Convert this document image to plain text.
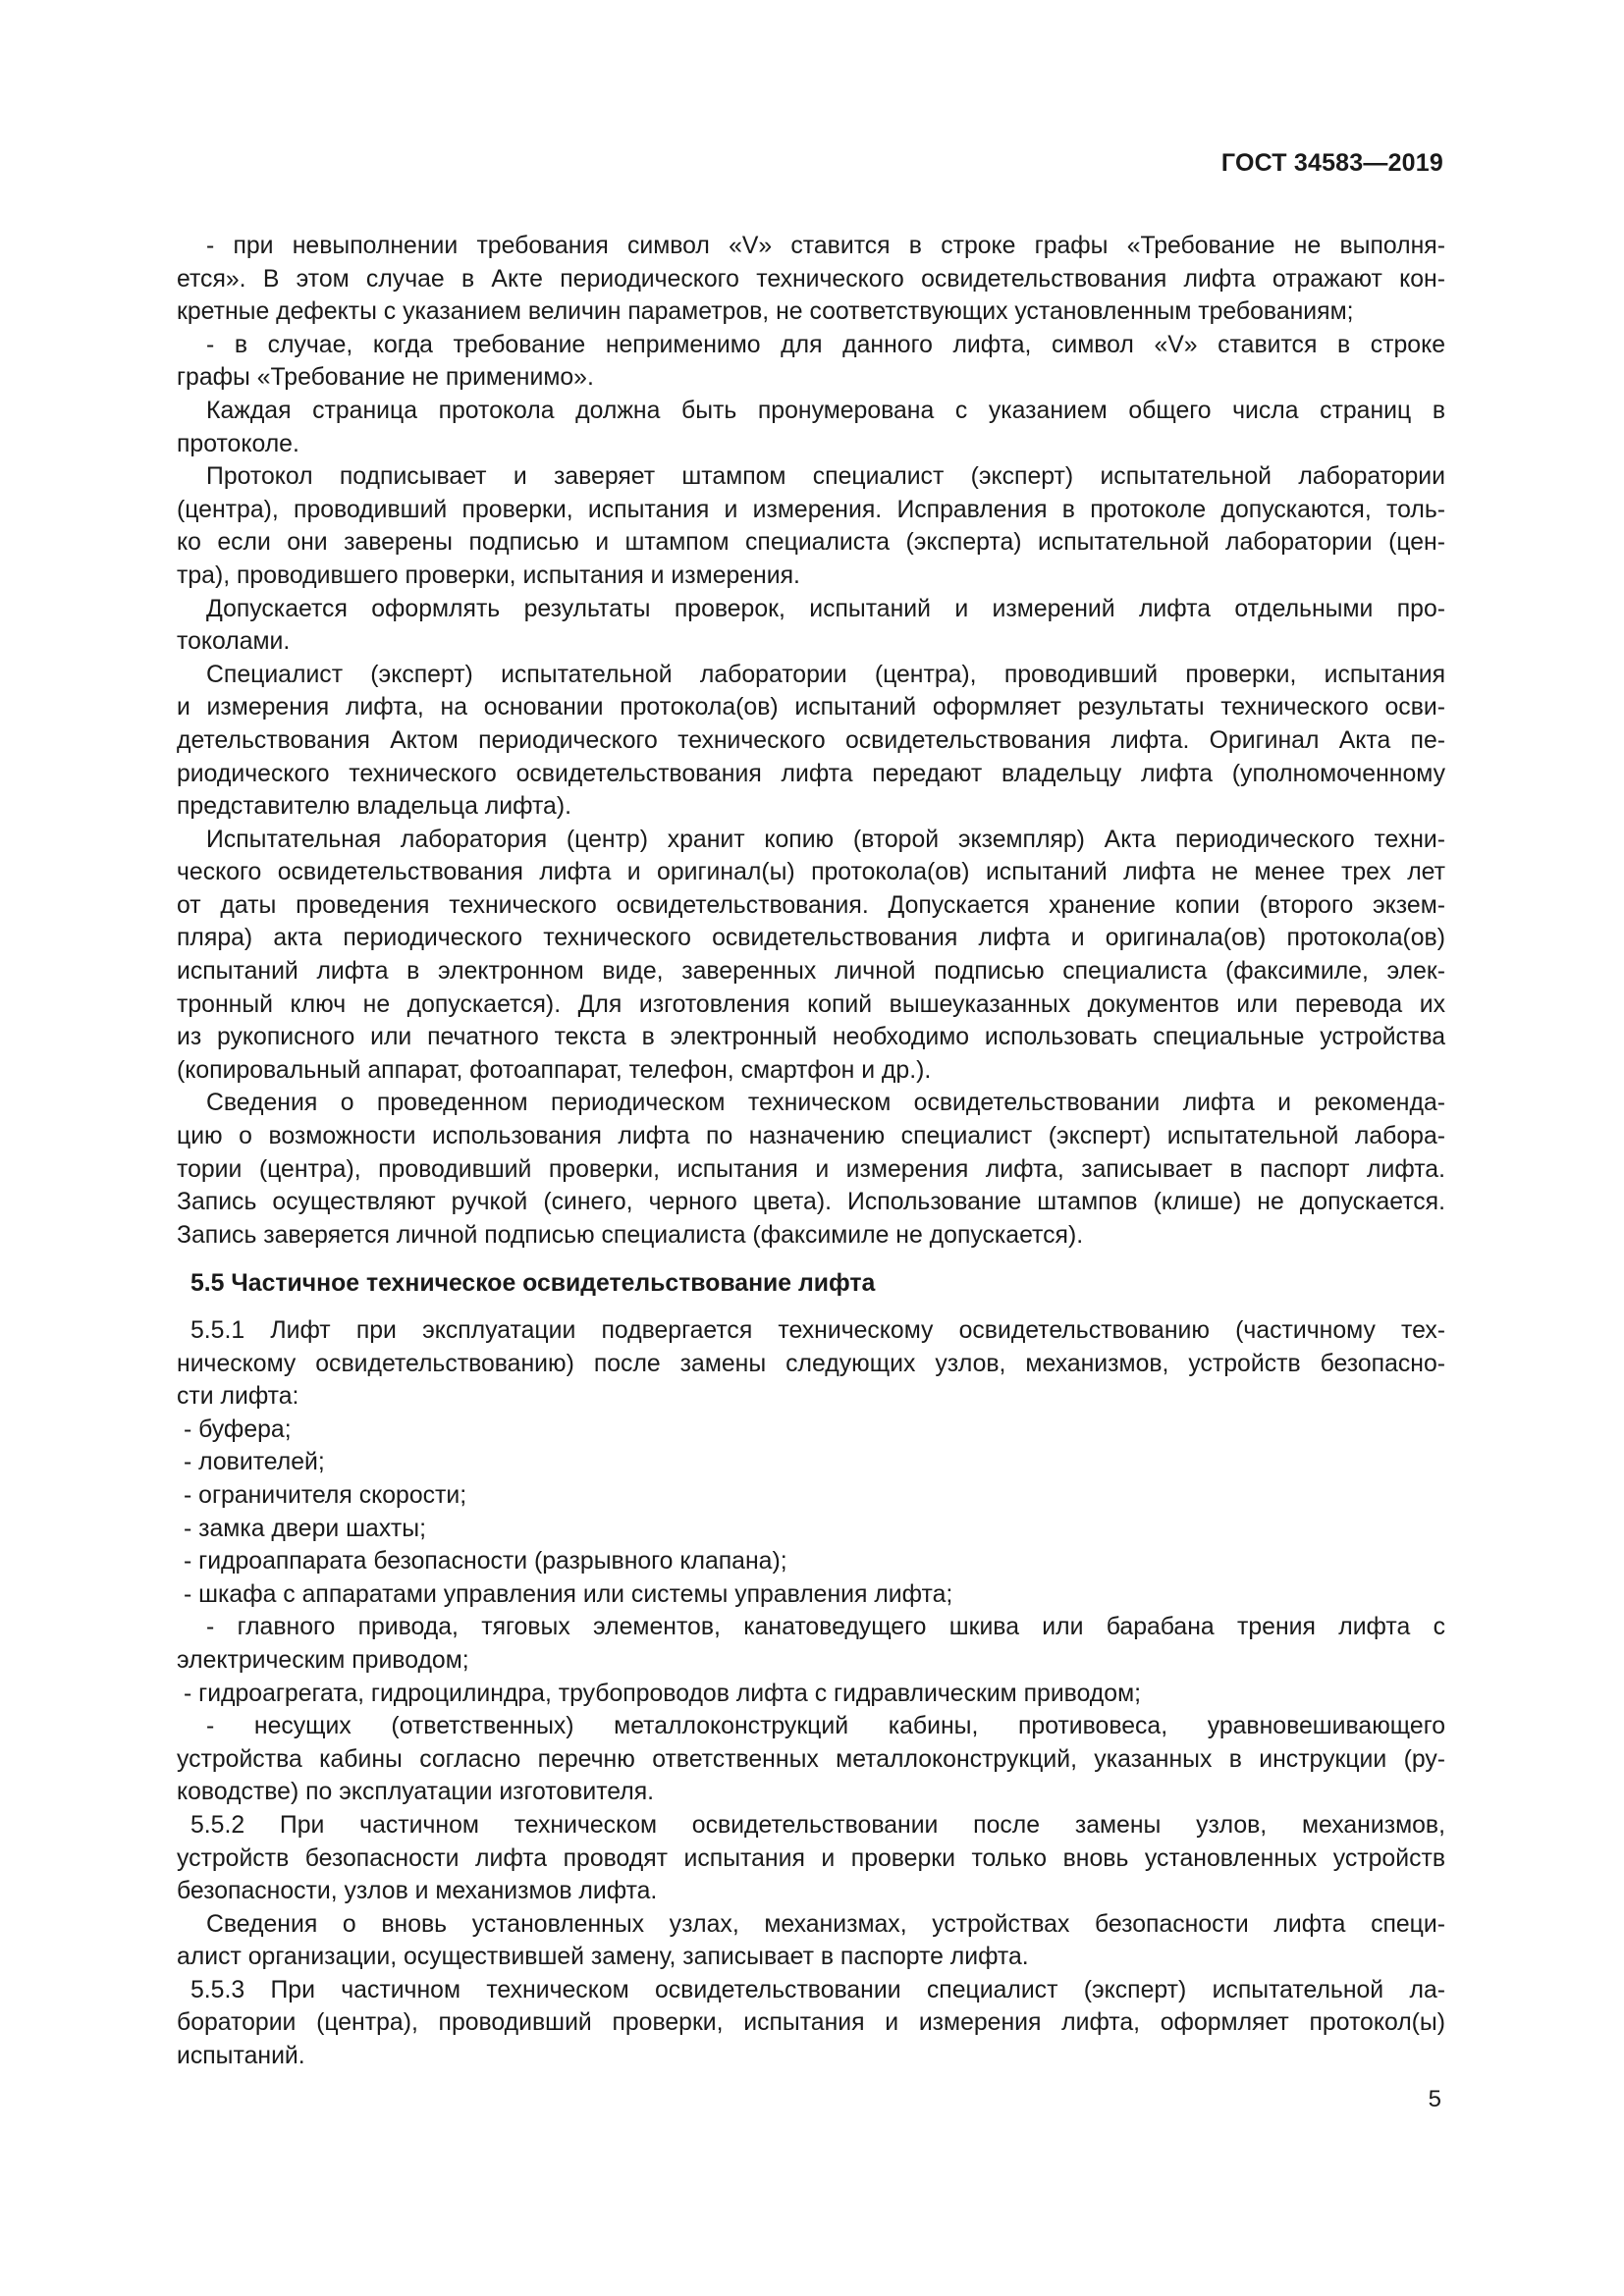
ГОСТ 34583—2019

- при невыполнении требования символ «V» ставится в строке графы «Требование не выполня-
ется». В этом случае в Акте периодического технического освидетельствования лифта отражают кон-
кретные дефекты с указанием величин параметров, не соответствующих установленным требованиям;

- в случае, когда требование неприменимо для данного лифта, символ «V» ставится в строке
графы «Требование не применимо».

Каждая страница протокола должна быть пронумерована с указанием общего числа страниц в
протоколе.

Протокол подписывает и заверяет штампом специалист (эксперт) испытательной лаборатории
(центра), проводивший проверки, испытания и измерения. Исправления в протоколе допускаются, толь-
ко если они заверены подписью и штампом специалиста (эксперта) испытательной лаборатории (цен-
тра), проводившего проверки, испытания и измерения.

Допускается оформлять результаты проверок, испытаний и измерений лифта отдельными про-
токолами.

Специалист (эксперт) испытательной лаборатории (центра), проводивший проверки, испытания
и измерения лифта, на основании протокола(ов) испытаний оформляет результаты технического осви-
детельствования Актом периодического технического освидетельствования лифта. Оригинал Акта пе-
риодического технического освидетельствования лифта передают владельцу лифта (уполномоченному
представителю владельца лифта).

Испытательная лаборатория (центр) хранит копию (второй экземпляр) Акта периодического техни-
ческого освидетельствования лифта и оригинал(ы) протокола(ов) испытаний лифта не менее трех лет
от даты проведения технического освидетельствования. Допускается хранение копии (второго экзем-
пляра) акта периодического технического освидетельствования лифта и оригинала(ов) протокола(ов)
испытаний лифта в электронном виде, заверенных личной подписью специалиста (факсимиле, элек-
тронный ключ не допускается). Для изготовления копий вышеуказанных документов или перевода их
из рукописного или печатного текста в электронный необходимо использовать специальные устройства
(копировальный аппарат, фотоаппарат, телефон, смартфон и др.).

Сведения о проведенном периодическом техническом освидетельствовании лифта и рекоменда-
цию о возможности использования лифта по назначению специалист (эксперт) испытательной лабора-
тории (центра), проводивший проверки, испытания и измерения лифта, записывает в паспорт лифта.
Запись осуществляют ручкой (синего, черного цвета). Использование штампов (клише) не допускается.
Запись заверяется личной подписью специалиста (факсимиле не допускается).

5.5 Частичное техническое освидетельствование лифта

5.5.1 Лифт при эксплуатации подвергается техническому освидетельствованию (частичному тех-
ническому освидетельствованию) после замены следующих узлов, механизмов, устройств безопасно-
сти лифта:

- буфера;
- ловителей;
- ограничителя скорости;
- замка двери шахты;
- гидроаппарата безопасности (разрывного клапана);
- шкафа с аппаратами управления или системы управления лифта;

- главного привода, тяговых элементов, канатоведущего шкива или барабана трения лифта с
электрическим приводом;

- гидроагрегата, гидроцилиндра, трубопроводов лифта с гидравлическим приводом;

- несущих (ответственных) металлоконструкций кабины, противовеса, уравновешивающего
устройства кабины согласно перечню ответственных металлоконструкций, указанных в инструкции (ру-
ководстве) по эксплуатации изготовителя.

5.5.2 При частичном техническом освидетельствовании после замены узлов, механизмов,
устройств безопасности лифта проводят испытания и проверки только вновь установленных устройств
безопасности, узлов и механизмов лифта.

Сведения о вновь установленных узлах, механизмах, устройствах безопасности лифта специ-
алист организации, осуществившей замену, записывает в паспорте лифта.

5.5.3 При частичном техническом освидетельствовании специалист (эксперт) испытательной ла-
боратории (центра), проводивший проверки, испытания и измерения лифта, оформляет протокол(ы)
испытаний.

5
